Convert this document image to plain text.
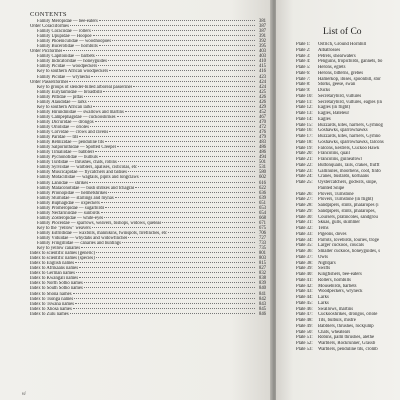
CONTENTS
Family Meropidae — bee-eaters	381
Order Coraciiformes	387
Family Coraciidae — rollers	387
Family Upupidae — Hoopoe	391
Family Phoeniculidae — woodhoopoes	392
Family Bucerotidae — hornbills	395
Order Piciformes	403
Family Capitonidae — barbets	403
Family Indicatoridae — honeyguides	410
Family Picidae — woodpeckers	415
Key to southern African woodpeckers	416
Family Picidae — wrynecks	423
Order Passeriformes	424
Key to groups of slender-billed arboreal passerines	424
Family Eurylaimidae — broadbills	425
Family Pittidae — pittas	426
Family Alaudidae — larks	426
Key to southern African larks	429
Family Hirundinidae — swallows and martins	452
Family Campephagidae — cuckooshrikes	467
Family Dicruridae — drongos	470
Family Oriolidae — orioles	472
Family Corvidae — crows and ravens	476
Family Paridae — tits	479
Family Remizidae — penduline tits	483
Family Salpornithidae — Spotted Creeper	486
Family Timaliidae — babblers	486
Family Pycnonotidae — bulbuls	494
Family Turdidae — thrushes, chats, robins	501
Family Sylviidae — warblers, apalises, cisticolas, etc	531
Family Muscicapidae — flycatchers and batises	580
Family Motacillidae — wagtails, pipits and longclaws	602
Family Laniidae — shrikes	616
Family Malaconotidae — bush shrikes and tchagras	622
Family Prionopidae — helmetshrikes	636
Family Sturnidae — starlings and mynas	639
Family Buphagidae — oxpeckers	651
Family Promeropidae — sugarbirds	653
Family Nectariniidae — sunbirds	654
Family Zosteropidae — white-eyes	668
Family Ploceidae — sparrows, weavers, bishops, widows, queleas	671
Key to the "yellow" weavers	675
Family Estrildidae — waxbills, mannikins, twinspots, firefinches, etc	706
Family Viduidae — whydahs and widowfinches	727
Family Fringillidae — canaries and buntings	733
Key to yellow canaries	735
Index to scientific names (generic)	801
Index to scientific names (species)	803
Index to English names	815
Index to Afrikaans names	827
Index to German names	832
Index to Kwangali names	838
Index to North Sotho names	839
Index to South Sotho names	840
Index to Shona names	841
Index to Tsonga names	842
Index to Tswana names	843
Index to Xhosa names	845
Index to Zulu names	846
vi
List of Co
Plate 1: Ostrich, Ground Hornbill
Plate 2: Albatrosses
Plate 3: Petrels, shearwaters
Plate 4: Penguins, tropicbirds, gannets, bo
Plate 5: Herons, egrets
Plate 6: Herons, bitterns, grebes
Plate 7: Hamerkop, ibises, spoonbill, stor
Plate 8: Storks, geese, swan
Plate 9: Ducks
Plate 10: Secretarybird, vultures
Plate 11: Secretarybird, vultures, eagles (in
Plate 12: Eagles (in flight)
Plate 13: Eagles, Bateleur
Plate 14: Eagles
Plate 15: Buzzards, kites, harriers, Gymnog
Plate 16: Goshawks, sparrowhawks
Plate 17: Buzzards, kites, harriers, Gymno
Plate 18: Goshawks, sparrowhawks, falcons
Plate 19: Falcons, kestrels, Cuckoo Hawk
Plate 20: Francolins, quail
Plate 21: Francolins, guineafowl
Plate 22: Buttonquails, rails, crakes, flufft
Plate 23: Gallinules, moorhens, coot, finfo
Plate 24: Cranes, bustards, korhaans
Plate 25: Oystercatchers, godwits, snipe,
Painted Snipe
Plate 26: Plovers, Turnstone
Plate 27: Plovers, Turnstone (in flight)
Plate 28: Sandpipers, stints, phalaropes (i
Plate 29: Sandpipers, stints, phalaropes,
Plate 30: Coursers, pratincoles, sandgrou
Plate 31: Skuas, gulls, skimmer
Plate 32: Terns
Plate 33: Pigeons, doves
Plate 34: Parrots, lovebirds, louries, troge
Plate 35: Larger cuckoos, coucals
Plate 36: Smaller cuckoos, honeyguides, s
Plate 37: Owls
Plate 38: Nightjars
Plate 39: Swifts
Plate 40: Kingfishers, bee-eaters
Plate 41: Rollers, hornbills
Plate 42: Mousebirds, barbets
Plate 43: Woodpeckers, wryneck
Plate 44: Larks
Plate 45: Larks
Plate 46: Swallows, martins
Plate 47: Cuckooshrikes, drongos, oriole
Plate 48: Tits, bulbuls, mistre
Plate 49: Babblers, thrushes, rockjump
Plate 50: Chats, wheatears
Plate 51: Robins, palm thrushes, alethe
Plate 52: Warblers, Rockrunner, Grassb
Plate 53: Warblers, penduline tits, cromb
